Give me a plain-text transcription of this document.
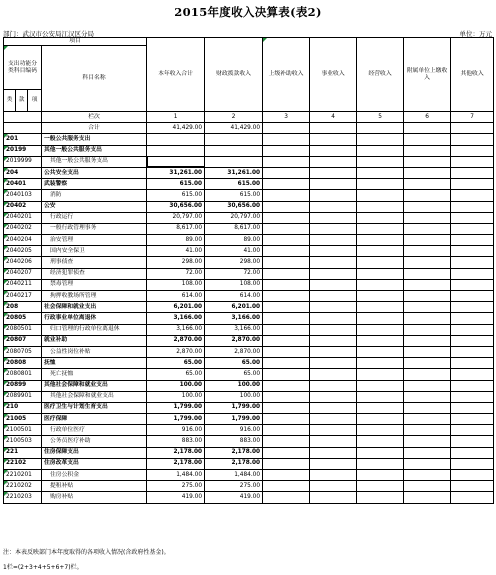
2015年度收入决算表(表2)
部门：武汉市公安局江汉区分局	单位：万元
项目				本年收入合计	财政拨款收入	上级补助收入	事业收入	经营收入	附属单位上缴收入	其他收入
支出功能分类科目编码			科目名称							
类	款	项								
			栏次	1	2	3	4	5	6	7
			合计	41,429.00	41,429.00					
201			一般公共服务支出							
20199			其他一般公共服务支出							
2019999			其他一般公共服务支出							
204			公共安全支出	31,261.00	31,261.00					
20401			武装警察	615.00	615.00					
2040103			消防	615.00	615.00					
20402			公安	30,656.00	30,656.00					
2040201			行政运行	20,797.00	20,797.00					
2040202			一般行政管理事务	8,617.00	8,617.00					
2040204			治安管理	89.00	89.00					
2040205			国内安全保卫	41.00	41.00					
2040206			刑事侦查	298.00	298.00					
2040207			经济犯罪侦查	72.00	72.00					
2040211			禁毒管理	108.00	108.00					
2040217			拘押收教场所管理	614.00	614.00					
208			社会保障和就业支出	6,201.00	6,201.00					
20805			行政事业单位离退休	3,166.00	3,166.00					
2080501			归口管理的行政单位离退休	3,166.00	3,166.00					
20807			就业补助	2,870.00	2,870.00					
2080705			公益性岗位补贴	2,870.00	2,870.00					
20808			抚恤	65.00	65.00					
2080801			死亡抚恤	65.00	65.00					
20899			其他社会保障和就业支出	100.00	100.00					
2089901			其他社会保障和就业支出	100.00	100.00					
210			医疗卫生与计划生育支出	1,799.00	1,799.00					
21005			医疗保障	1,799.00	1,799.00					
2100501			行政单位医疗	916.00	916.00					
2100503			公务员医疗补助	883.00	883.00					
221			住房保障支出	2,178.00	2,178.00					
22102			住房改革支出	2,178.00	2,178.00					
2210201			住房公积金	1,484.00	1,484.00					
2210202			提租补贴	275.00	275.00					
2210203			购房补贴	419.00	419.00					
注：本表反映部门本年度取得的各项收入情况(含政府性基金)。
1栏=(2+3+4+5+6+7)栏。
